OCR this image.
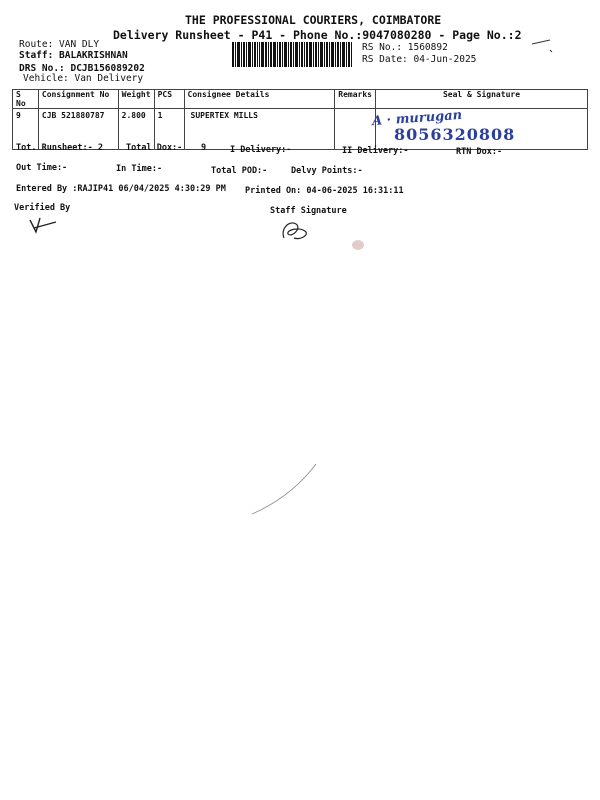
THE PROFESSIONAL COURIERS, COIMBATORE
Delivery Runsheet - P41 - Phone No.:9047080280 - Page No.:2
Route: VAN DLY
Staff: BALAKRISHNAN
DRS No.: DCJB156089202
Vehicle: Van Delivery
RS No.: 1560892
RS Date: 04-Jun-2025
S No	Consignment No	Weight	PCS	Consignee Details	Remarks	Seal & Signature
9	CJB 521880787	2.800	1	SUPERTEX MILLS		A · murugan
8056320808
Tot. Runsheet:- 2	Total Dox:- 9	I Delivery:-	II Delivery:-	RTN Dox:-
Out Time:-	In Time:-	Total POD:-	Delvy Points:-
Entered By :RAJIP41 06/04/2025 4:30:29 PM Printed On: 04-06-2025 16:31:11
Verified By	Staff Signature
